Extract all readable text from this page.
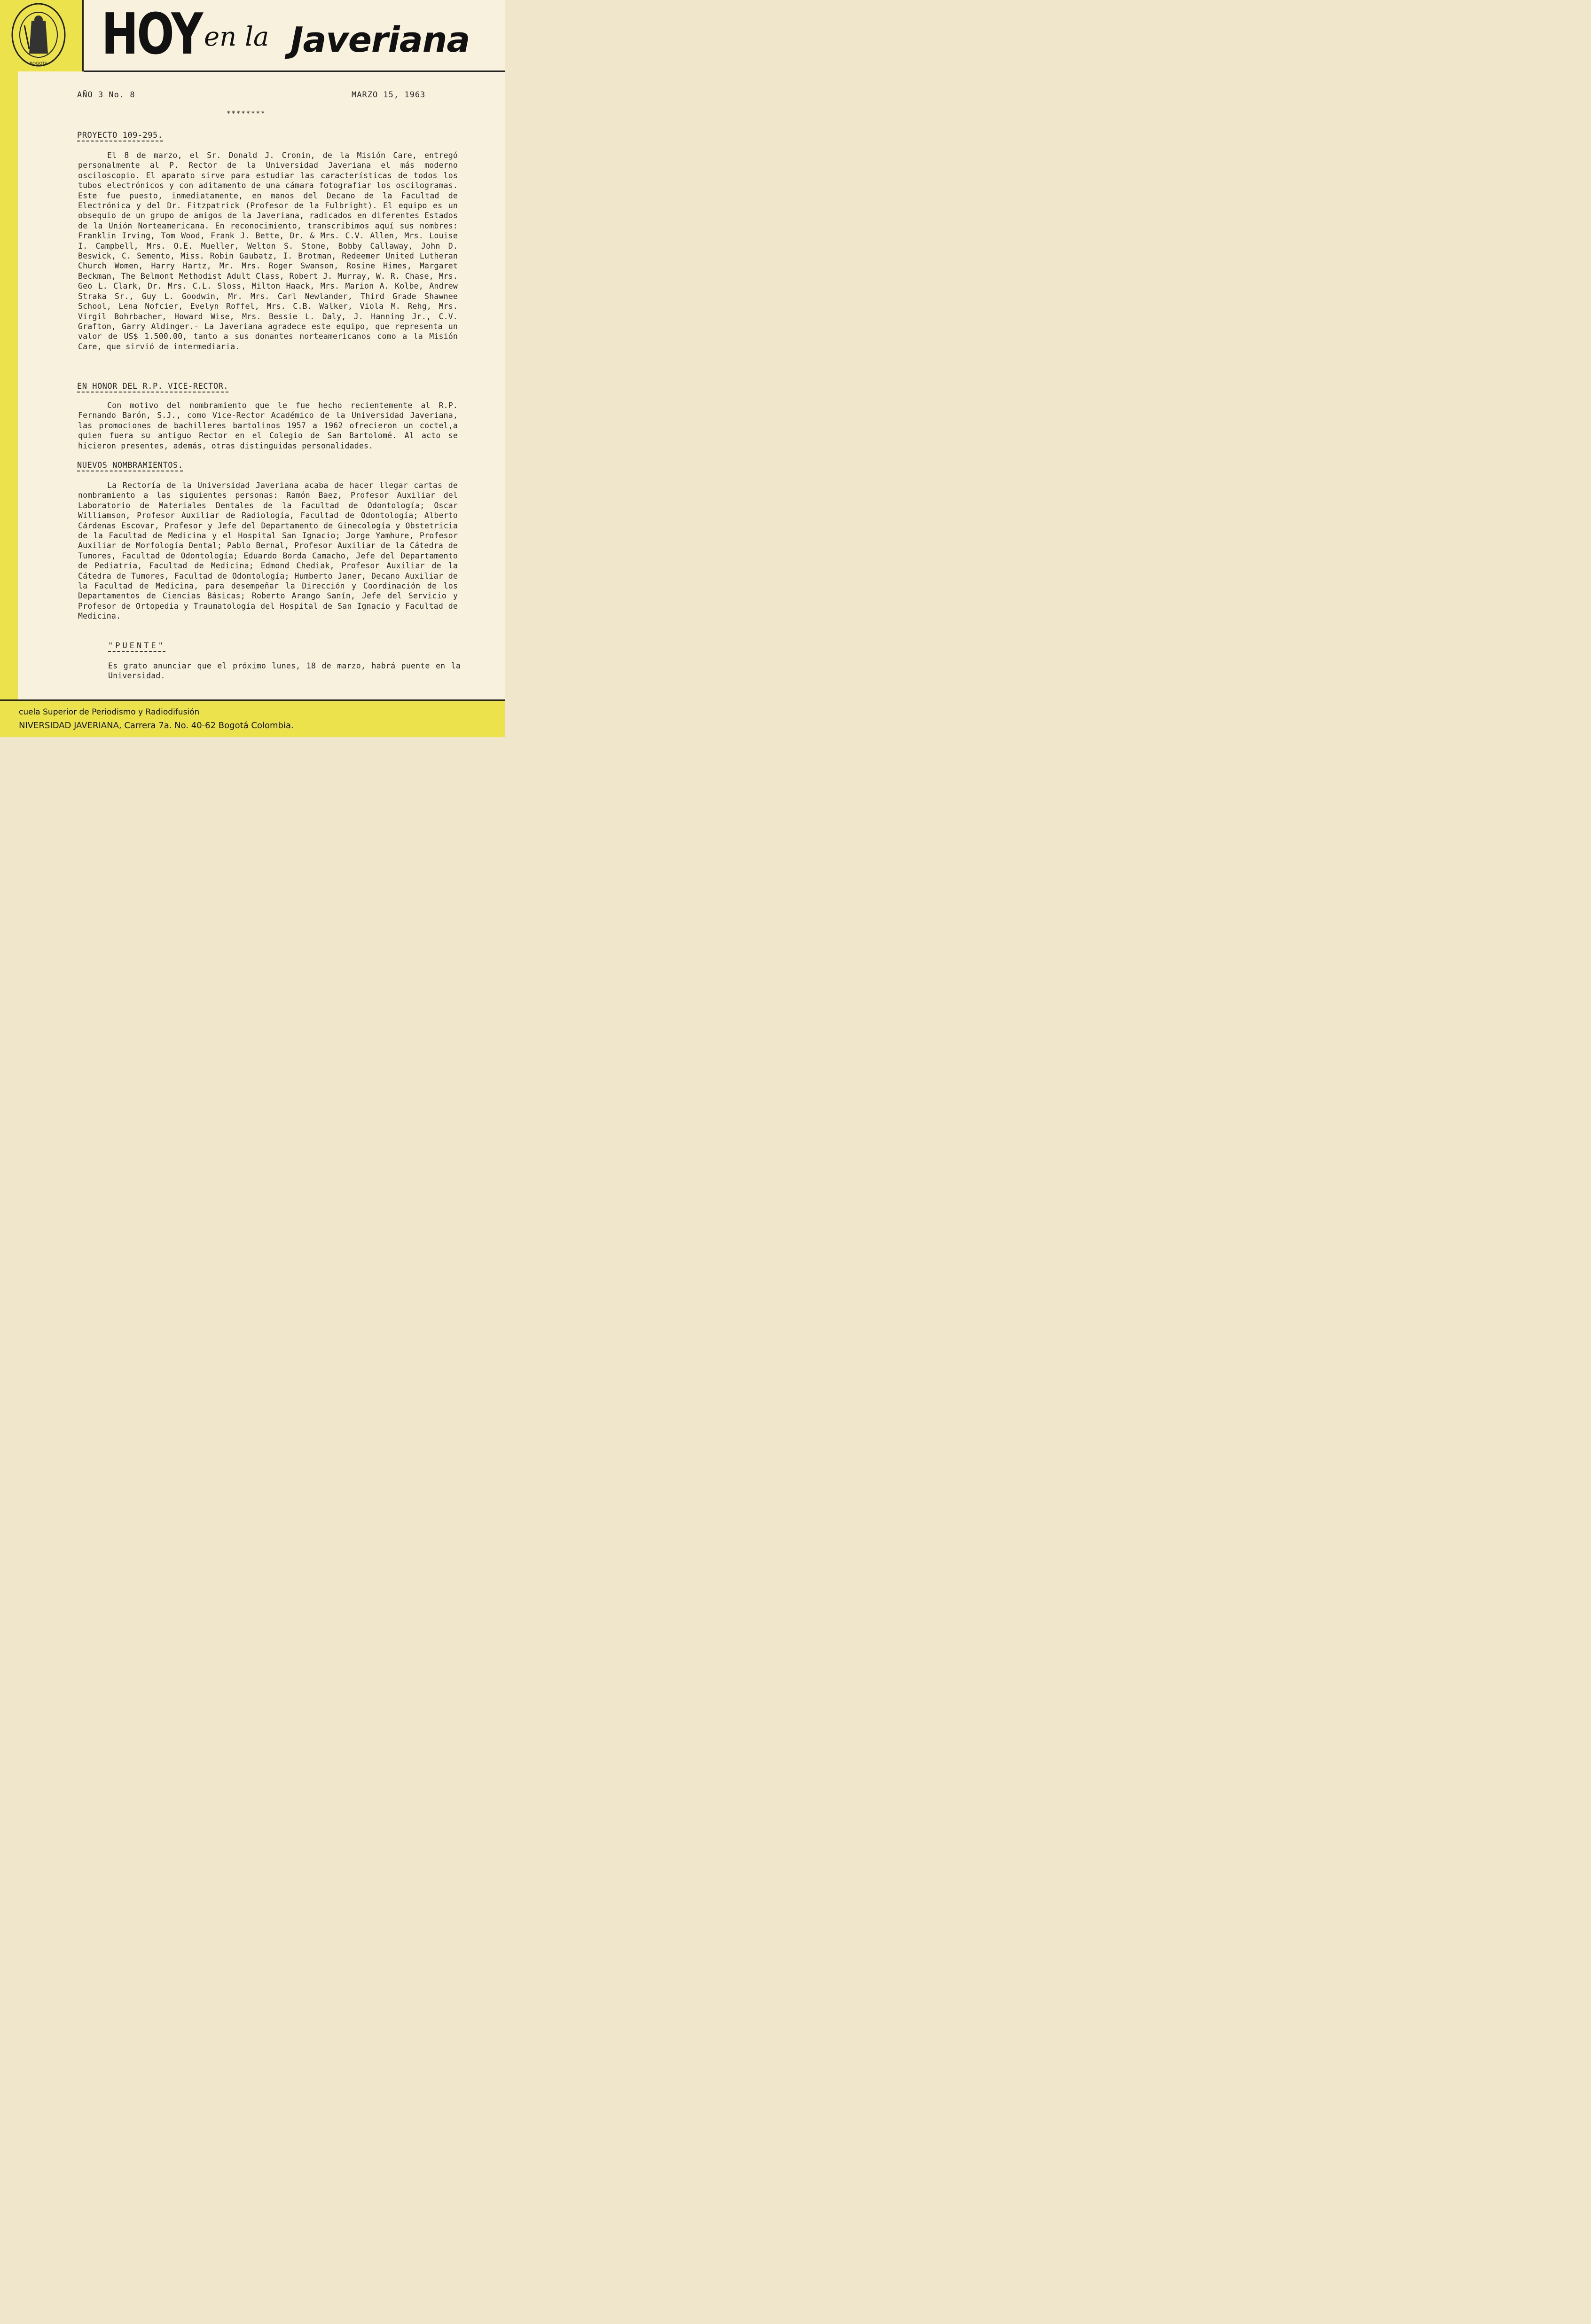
·BOGOTA· HOY en la Javeriana
AÑO 3 No. 8	MARZO 15, 1963
********
PROYECTO 109-295.

El 8 de marzo, el Sr. Donald J. Cronin, de la Misión Care, entregó personalmente al P. Rector de la Universidad Javeriana el más moderno osciloscopio. El aparato sirve para estudiar las características de todos los tubos electrónicos y con aditamento de una cámara fotografiar los oscilogramas. Este fue puesto, inmediatamente, en manos del Decano de la Facultad de Electrónica y del Dr. Fitzpatrick (Profesor de la Fulbright). El equipo es un obsequio de un grupo de amigos de la Javeriana, radicados en diferentes Estados de la Unión Norteamericana. En reconocimiento, transcribimos aquí sus nombres: Franklin Irving, Tom Wood, Frank J. Bette, Dr. & Mrs. C.V. Allen, Mrs. Louise I. Campbell, Mrs. O.E. Mueller, Welton S. Stone, Bobby Callaway, John D. Beswick, C. Semento, Miss. Robin Gaubatz, I. Brotman, Redeemer United Lutheran Church Women, Harry Hartz, Mr. Mrs. Roger Swanson, Rosine Himes, Margaret Beckman, The Belmont Methodist Adult Class, Robert J. Murray, W. R. Chase, Mrs. Geo L. Clark, Dr. Mrs. C.L. Sloss, Milton Haack, Mrs. Marion A. Kolbe, Andrew Straka Sr., Guy L. Goodwin, Mr. Mrs. Carl Newlander, Third Grade Shawnee School, Lena Nofcier, Evelyn Roffel, Mrs. C.B. Walker, Viola M. Rehg, Mrs. Virgil Bohrbacher, Howard Wise, Mrs. Bessie L. Daly, J. Hanning Jr., C.V. Grafton, Garry Aldinger.- La Javeriana agradece este equipo, que representa un valor de US$ 1.500.00, tanto a sus donantes norteamericanos como a la Misión Care, que sirvió de intermediaria.

EN HONOR DEL R.P. VICE-RECTOR.

Con motivo del nombramiento que le fue hecho recientemente al R.P. Fernando Barón, S.J., como Vice-Rector Académico de la Universidad Javeriana, las promociones de bachilleres bartolinos 1957 a 1962 ofrecieron un coctel,a quien fuera su antiguo Rector en el Colegio de San Bartolomé. Al acto se hicieron presentes, además, otras distinguidas personalidades.

NUEVOS NOMBRAMIENTOS.

La Rectoría de la Universidad Javeriana acaba de hacer llegar cartas de nombramiento a las siguientes personas: Ramón Baez, Profesor Auxiliar del Laboratorio de Materiales Dentales de la Facultad de Odontología; Oscar Williamson, Profesor Auxiliar de Radiología, Facultad de Odontología; Alberto Cárdenas Escovar, Profesor y Jefe del Departamento de Ginecología y Obstetricia de la Facultad de Medicina y el Hospital San Ignacio; Jorge Yamhure, Profesor Auxiliar de Morfología Dental; Pablo Bernal, Profesor Auxiliar de la Cátedra de Tumores, Facultad de Odontología; Eduardo Borda Camacho, Jefe del Departamento de Pediatría, Facultad de Medicina; Edmond Chediak, Profesor Auxiliar de la Cátedra de Tumores, Facultad de Odontología; Humberto Janer, Decano Auxiliar de la Facultad de Medicina, para desempeñar la Dirección y Coordinación de los Departamentos de Ciencias Básicas; Roberto Arango Sanín, Jefe del Servicio y Profesor de Ortopedia y Traumatología del Hospital de San Ignacio y Facultad de Medicina.

"PUENTE"

Es grato anunciar que el próximo lunes, 18 de marzo, habrá puente en la Universidad.

cuela Superior de Periodismo y Radiodifusión
NIVERSIDAD JAVERIANA, Carrera 7a. No. 40-62 Bogotá Colombia.
